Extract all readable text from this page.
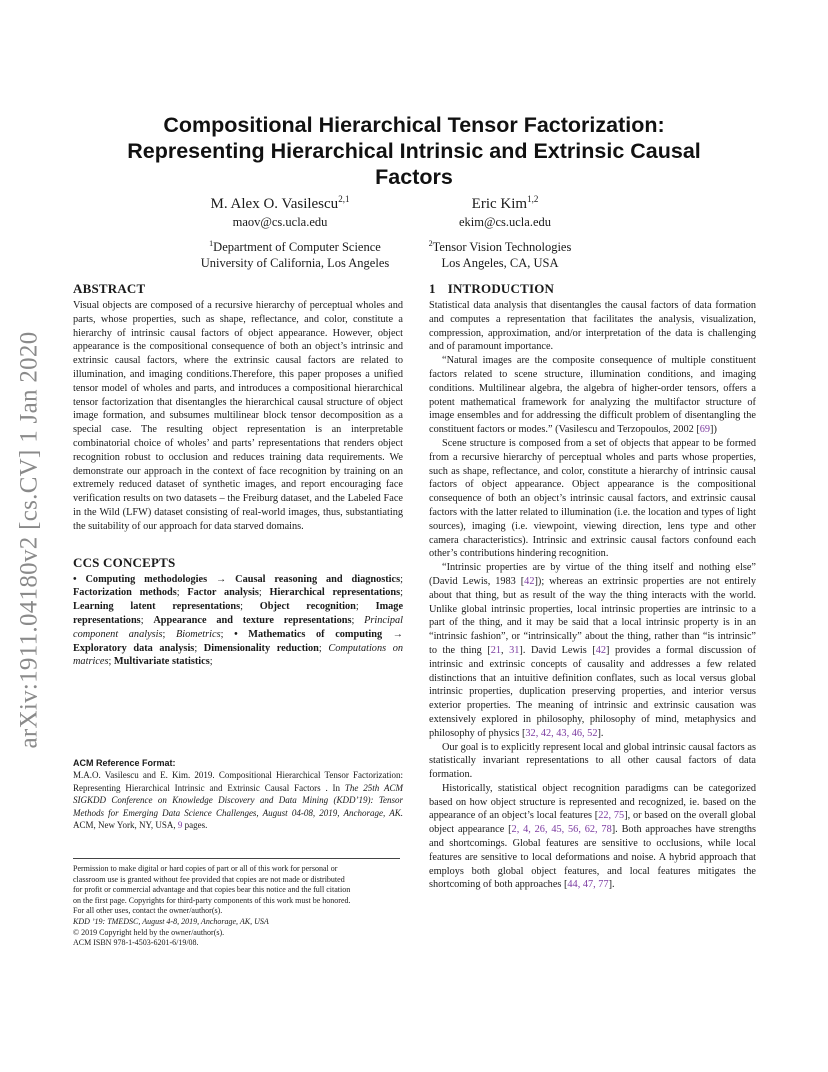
arXiv:1911.04180v2 [cs.CV] 1 Jan 2020
Compositional Hierarchical Tensor Factorization:
Representing Hierarchical Intrinsic and Extrinsic Causal
Factors
M. Alex O. Vasilescu$^{2,1}$
maov@cs.ucla.edu
Eric Kim$^{1,2}$
ekim@cs.ucla.edu
$^1$Department of Computer Science
University of California, Los Angeles
$^2$Tensor Vision Technologies
Los Angeles, CA, USA
ABSTRACT

Visual objects are composed of a recursive hierarchy of perceptual wholes and parts, whose properties, such as shape, reflectance, and color, constitute a hierarchy of intrinsic causal factors of object appearance. However, object appearance is the compositional consequence of both an object’s intrinsic and extrinsic causal factors, where the extrinsic causal factors are related to illumination, and imaging conditions.Therefore, this paper proposes a unified tensor model of wholes and parts, and introduces a compositional hierarchical tensor factorization that disentangles the hierarchical causal structure of object image formation, and subsumes multilinear block tensor decomposition as a special case. The resulting object representation is an interpretable combinatorial choice of wholes’ and parts’ representations that renders object recognition robust to occlusion and reduces training data requirements. We demonstrate our approach in the context of face recognition by training on an extremely reduced dataset of synthetic images, and report encouraging face verification results on two datasets – the Freiburg dataset, and the Labeled Face in the Wild (LFW) dataset consisting of real-world images, thus, substantiating the suitability of our approach for data starved domains.

CCS CONCEPTS

• Computing methodologies → Causal reasoning and diagnostics; Factorization methods; Factor analysis; Hierarchical representations; Learning latent representations; Object recognition; Image representations; Appearance and texture representations; Principal component analysis; Biometrics; • Mathematics of computing → Exploratory data analysis; Dimensionality reduction; Computations on matrices; Multivariate statistics;

ACM Reference Format:

M.A.O. Vasilescu and E. Kim. 2019. Compositional Hierarchical Tensor Factorization: Representing Hierarchical Intrinsic and Extrinsic Causal Factors . In The 25th ACM SIGKDD Conference on Knowledge Discovery and Data Mining (KDD’19): Tensor Methods for Emerging Data Science Challenges, August 04-08, 2019, Anchorage, AK. ACM, New York, NY, USA, 9 pages.

Permission to make digital or hard copies of part or all of this work for personal or
classroom use is granted without fee provided that copies are not made or distributed
for profit or commercial advantage and that copies bear this notice and the full citation
on the first page. Copyrights for third-party components of this work must be honored.
For all other uses, contact the owner/author(s).
KDD ’19: TMEDSC, August 4-8, 2019, Anchorage, AK, USA
© 2019 Copyright held by the owner/author(s).
ACM ISBN 978-1-4503-6201-6/19/08.
1 INTRODUCTION

Statistical data analysis that disentangles the causal factors of data formation and computes a representation that facilitates the analysis, visualization, compression, approximation, and/or interpretation of the data is challenging and of paramount importance.

“Natural images are the composite consequence of multiple constituent factors related to scene structure, illumination conditions, and imaging conditions. Multilinear algebra, the algebra of higher-order tensors, offers a potent mathematical framework for analyzing the multifactor structure of image ensembles and for addressing the difficult problem of disentangling the constituent factors or modes.” (Vasilescu and Terzopoulos, 2002 [69])

Scene structure is composed from a set of objects that appear to be formed from a recursive hierarchy of perceptual wholes and parts whose properties, such as shape, reflectance, and color, constitute a hierarchy of intrinsic causal factors of object appearance. Object appearance is the compositional consequence of both an object’s intrinsic causal factors, and extrinsic causal factors with the latter related to illumination (i.e. the location and types of light sources), imaging (i.e. viewpoint, viewing direction, lens type and other camera characteristics). Intrinsic and extrinsic causal factors confound each other’s contributions hindering recognition.

“Intrinsic properties are by virtue of the thing itself and nothing else” (David Lewis, 1983 [42]); whereas an extrinsic properties are not entirely about that thing, but as result of the way the thing interacts with the world. Unlike global intrinsic properties, local intrinsic properties are intrinsic to a part of the thing, and it may be said that a local intrinsic property is in an “intrinsic fashion”, or “intrinsically” about the thing, rather than “is intrinsic” to the thing [21, 31]. David Lewis [42] provides a formal discussion of intrinsic and extrinsic concepts of causality and addresses a few related distinctions that an intuitive definition conflates, such as local versus global intrinsic properties, duplication preserving properties, and interior versus exterior properties. The meaning of intrinsic and extrinsic causation was extensively explored in philosophy, philosophy of mind, metaphysics and philosophy of physics [32, 42, 43, 46, 52].

Our goal is to explicitly represent local and global intrinsic causal factors as statistically invariant representations to all other causal factors of data formation.

Historically, statistical object recognition paradigms can be categorized based on how object structure is represented and recognized, ie. based on the appearance of an object’s local features [22, 75], or based on the overall global object appearance [2, 4, 26, 45, 56, 62, 78]. Both approaches have strengths and shortcomings. Global features are sensitive to occlusions, while local features are sensitive to local deformations and noise. A hybrid approach that employs both global object features, and local features mitigates the shortcoming of both approaches [44, 47, 77].
